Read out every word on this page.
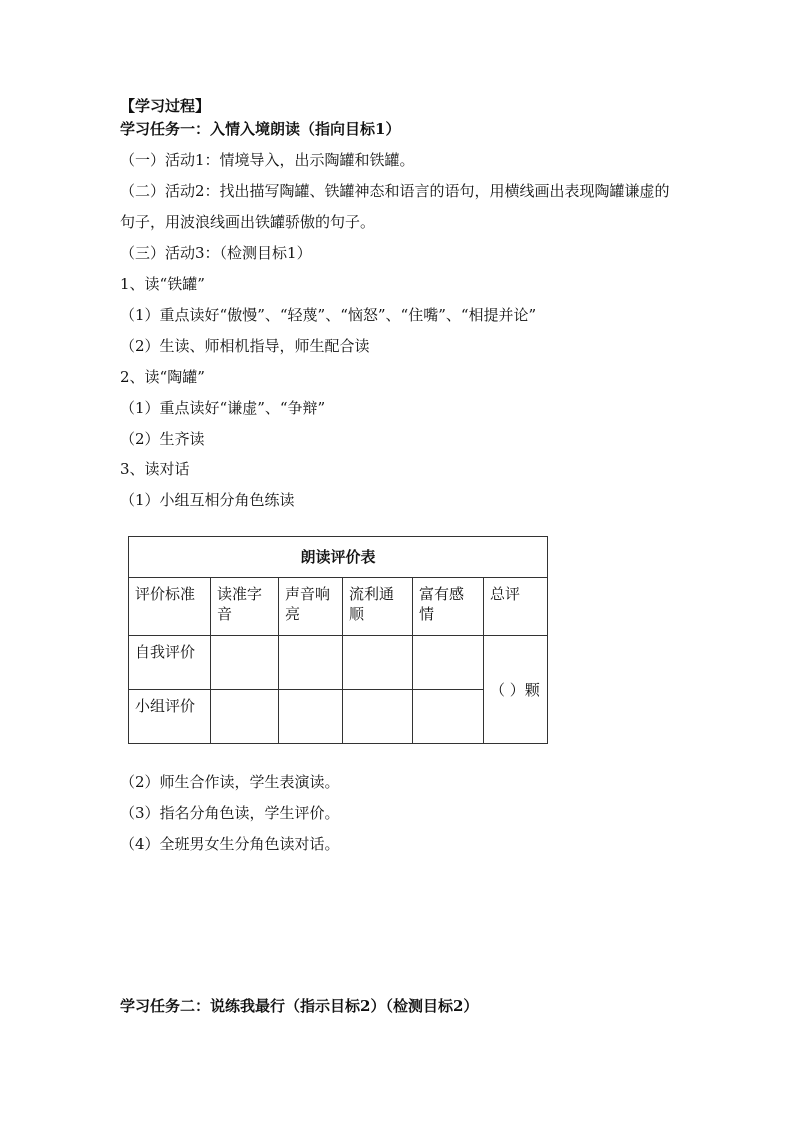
【学习过程】
学习任务一：入情入境朗读（指向目标1）
（一）活动1：情境导入，出示陶罐和铁罐。
（二）活动2：找出描写陶罐、铁罐神态和语言的语句，用横线画出表现陶罐谦虚的句子，用波浪线画出铁罐骄傲的句子。
（三）活动3：（检测目标1）
1、读“铁罐”
（1）重点读好“傲慢”、“轻蔑”、“恼怒”、“住嘴”、“相提并论”
（2）生读、师相机指导，师生配合读
2、读“陶罐”
（1）重点读好“谦虚”、“争辩”
（2）生齐读
3、读对话
（1）小组互相分角色练读
朗读评价表					
评价标准	读准字音	声音响亮	流利通顺	富有感情	总评
自我评价					（ ）颗
小组评价					
（2）师生合作读，学生表演读。
（3）指名分角色读，学生评价。
（4）全班男女生分角色读对话。
学习任务二：说练我最行（指示目标2）（检测目标2）
